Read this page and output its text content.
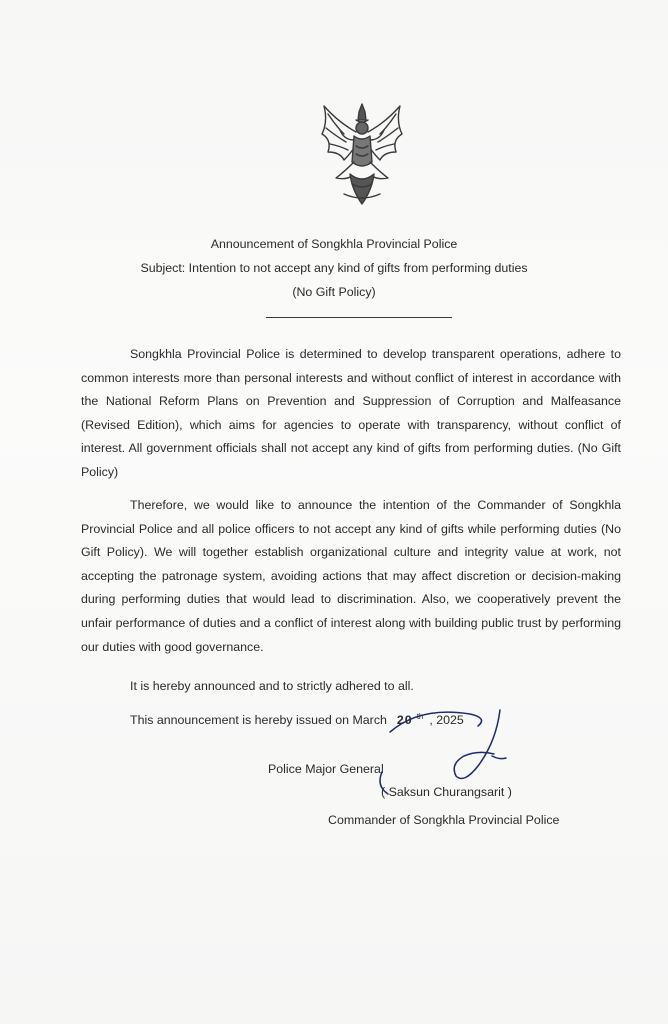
Announcement of Songkhla Provincial Police
Subject: Intention to not accept any kind of gifts from performing duties
(No Gift Policy)
Songkhla Provincial Police is determined to develop transparent operations, adhere to common interests more than personal interests and without conflict of interest in accordance with the National Reform Plans on Prevention and Suppression of Corruption and Malfeasance (Revised Edition), which aims for agencies to operate with transparency, without conflict of interest. All government officials shall not accept any kind of gifts from performing duties. (No Gift Policy)
Therefore, we would like to announce the intention of the Commander of Songkhla Provincial Police and all police officers to not accept any kind of gifts while performing duties (No Gift Policy). We will together establish organizational culture and integrity value at work, not accepting the patronage system, avoiding actions that may affect discretion or decision-making during performing duties that would lead to discrimination. Also, we cooperatively prevent the unfair performance of duties and a conflict of interest along with building public trust by performing our duties with good governance.
It is hereby announced and to strictly adhered to all.
This announcement is hereby issued on March 20 $^{th}$ , 2025
Police Major General
( Saksun Churangsarit )
Commander of Songkhla Provincial Police
